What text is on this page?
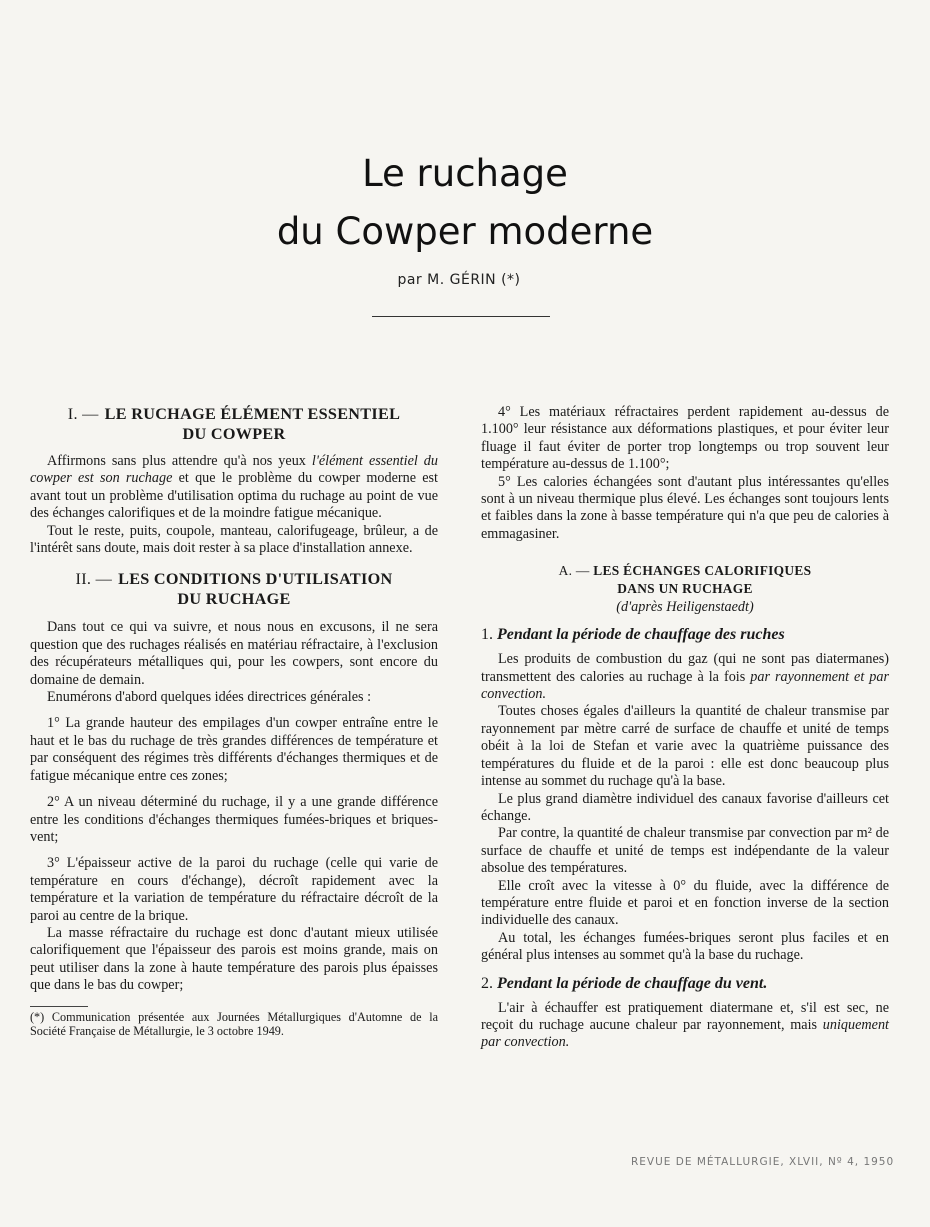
Le ruchage
du Cowper moderne
par M. GÉRIN (*)
I. — LE RUCHAGE ÉLÉMENT ESSENTIEL
DU COWPER

Affirmons sans plus attendre qu'à nos yeux l'élément essentiel du cowper est son ruchage et que le problème du cowper moderne est avant tout un problème d'utilisation optima du ruchage au point de vue des échanges calorifiques et de la moindre fatigue mécanique.

Tout le reste, puits, coupole, manteau, calorifugeage, brûleur, a de l'intérêt sans doute, mais doit rester à sa place d'installation annexe.

II. — LES CONDITIONS D'UTILISATION
DU RUCHAGE

Dans tout ce qui va suivre, et nous nous en excusons, il ne sera question que des ruchages réalisés en matériau réfractaire, à l'exclusion des récupérateurs métalliques qui, pour les cowpers, sont encore du domaine de demain.

Enumérons d'abord quelques idées directrices générales :

1° La grande hauteur des empilages d'un cowper entraîne entre le haut et le bas du ruchage de très grandes différences de température et par conséquent des régimes très différents d'échanges thermiques et de fatigue mécanique entre ces zones;

2° A un niveau déterminé du ruchage, il y a une grande différence entre les conditions d'échanges thermiques fumées-briques et briques-vent;

3° L'épaisseur active de la paroi du ruchage (celle qui varie de température en cours d'échange), décroît rapidement avec la température et la variation de température du réfractaire décroît de la paroi au centre de la brique.

La masse réfractaire du ruchage est donc d'autant mieux utilisée calorifiquement que l'épaisseur des parois est moins grande, mais on peut utiliser dans la zone à haute température des parois plus épaisses que dans le bas du cowper;

(*) Communication présentée aux Journées Métallurgiques d'Automne de la Société Française de Métallurgie, le 3 octobre 1949.

4° Les matériaux réfractaires perdent rapidement au-dessus de 1.100° leur résistance aux déformations plastiques, et pour éviter leur fluage il faut éviter de porter trop longtemps ou trop souvent leur température au-dessus de 1.100°;

5° Les calories échangées sont d'autant plus intéressantes qu'elles sont à un niveau thermique plus élevé. Les échanges sont toujours lents et faibles dans la zone à basse température qui n'a que peu de calories à emmagasiner.

A. — LES ÉCHANGES CALORIFIQUES
DANS UN RUCHAGE
(d'après Heiligenstaedt)
1. Pendant la période de chauffage des ruches

Les produits de combustion du gaz (qui ne sont pas diatermanes) transmettent des calories au ruchage à la fois par rayonnement et par convection.

Toutes choses égales d'ailleurs la quantité de chaleur transmise par rayonnement par mètre carré de surface de chauffe et unité de temps obéit à la loi de Stefan et varie avec la quatrième puissance des températures du fluide et de la paroi : elle est donc beaucoup plus intense au sommet du ruchage qu'à la base.

Le plus grand diamètre individuel des canaux favorise d'ailleurs cet échange.

Par contre, la quantité de chaleur transmise par convection par m² de surface de chauffe et unité de temps est indépendante de la valeur absolue des températures.

Elle croît avec la vitesse à 0° du fluide, avec la différence de température entre fluide et paroi et en fonction inverse de la section individuelle des canaux.

Au total, les échanges fumées-briques seront plus faciles et en général plus intenses au sommet qu'à la base du ruchage.

2. Pendant la période de chauffage du vent.

L'air à échauffer est pratiquement diatermane et, s'il est sec, ne reçoit du ruchage aucune chaleur par rayonnement, mais uniquement par convection.

REVUE DE MÉTALLURGIE, XLVII, Nº 4, 1950
